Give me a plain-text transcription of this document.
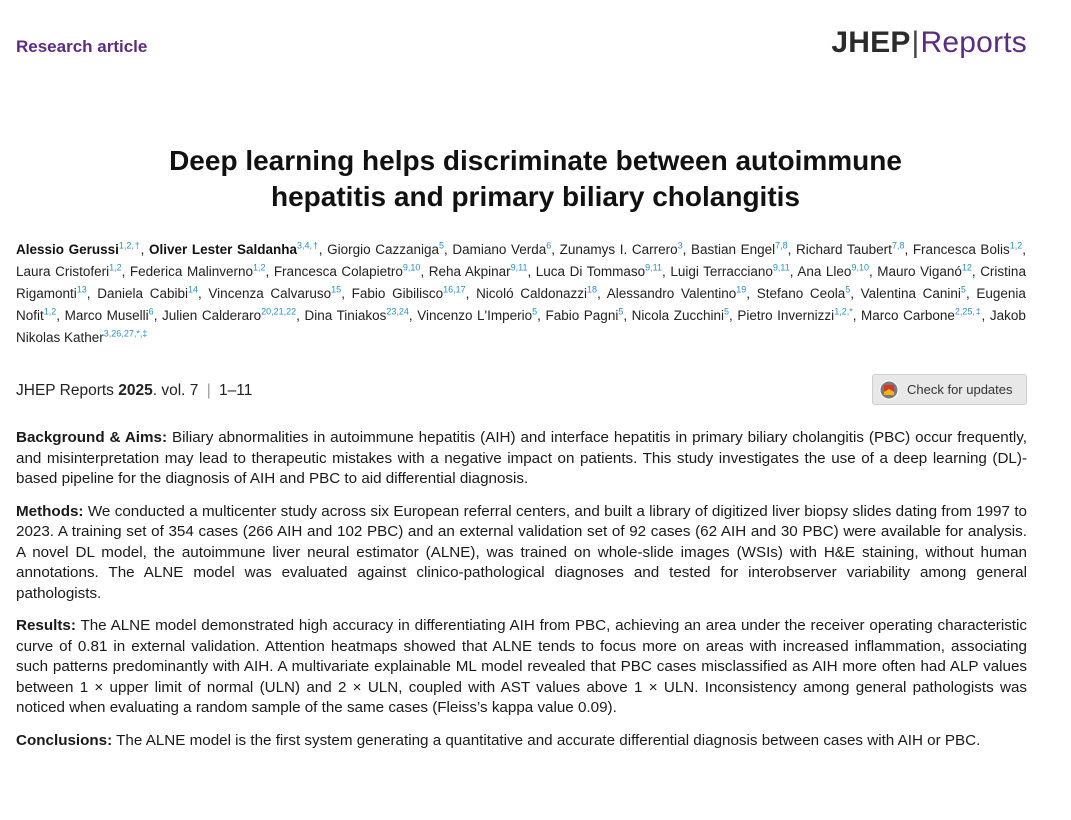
Research article	JHEP|Reports
Deep learning helps discriminate between autoimmune
hepatitis and primary biliary cholangitis
Alessio Gerussi$^{1,2,\dagger}$, Oliver Lester Saldanha$^{3,4,\dagger}$, Giorgio Cazzaniga$^5$, Damiano Verda$^6$, Zunamys I. Carrero$^3$, Bastian Engel$^{7,8}$, Richard Taubert$^{7,8}$, Francesca Bolis$^{1,2}$, Laura Cristoferi$^{1,2}$, Federica Malinverno$^{1,2}$, Francesca Colapietro$^{9,10}$, Reha Akpinar$^{9,11}$, Luca Di Tommaso$^{9,11}$, Luigi Terracciano$^{9,11}$, Ana Lleo$^{9,10}$, Mauro Viganó$^{12}$, Cristina Rigamonti$^{13}$, Daniela Cabibi$^{14}$, Vincenza Calvaruso$^{15}$, Fabio Gibilisco$^{16,17}$, Nicoló Caldonazzi$^{18}$, Alessandro Valentino$^{19}$, Stefano Ceola$^5$, Valentina Canini$^5$, Eugenia Nofit$^{1,2}$, Marco Muselli$^6$, Julien Calderaro$^{20,21,22}$, Dina Tiniakos$^{23,24}$, Vincenzo L'Imperio$^5$, Fabio Pagni$^5$, Nicola Zucchini$^5$, Pietro Invernizzi$^{1,2,*}$, Marco Carbone$^{2,25,\ddagger}$, Jakob Nikolas Kather$^{3,26,27,*,\ddagger}$
JHEP Reports 2025. vol. 7 | 1–11	Check for updates

Background & Aims: Biliary abnormalities in autoimmune hepatitis (AIH) and interface hepatitis in primary biliary cholangitis (PBC) occur frequently, and misinterpretation may lead to therapeutic mistakes with a negative impact on patients. This study investigates the use of a deep learning (DL)-based pipeline for the diagnosis of AIH and PBC to aid differential diagnosis.

Methods: We conducted a multicenter study across six European referral centers, and built a library of digitized liver biopsy slides dating from 1997 to 2023. A training set of 354 cases (266 AIH and 102 PBC) and an external validation set of 92 cases (62 AIH and 30 PBC) were available for analysis. A novel DL model, the autoimmune liver neural estimator (ALNE), was trained on whole-slide images (WSIs) with H&E staining, without human annotations. The ALNE model was evaluated against clinico-pathological diagnoses and tested for interobserver variability among general pathologists.

Results: The ALNE model demonstrated high accuracy in differentiating AIH from PBC, achieving an area under the receiver operating characteristic curve of 0.81 in external validation. Attention heatmaps showed that ALNE tends to focus more on areas with increased inflammation, associating such patterns predominantly with AIH. A multivariate explainable ML model revealed that PBC cases misclassified as AIH more often had ALP values between 1 × upper limit of normal (ULN) and 2 × ULN, coupled with AST values above 1 × ULN. Inconsistency among general pathologists was noticed when evaluating a random sample of the same cases (Fleiss’s kappa value 0.09).

Conclusions: The ALNE model is the first system generating a quantitative and accurate differential diagnosis between cases with AIH or PBC.
